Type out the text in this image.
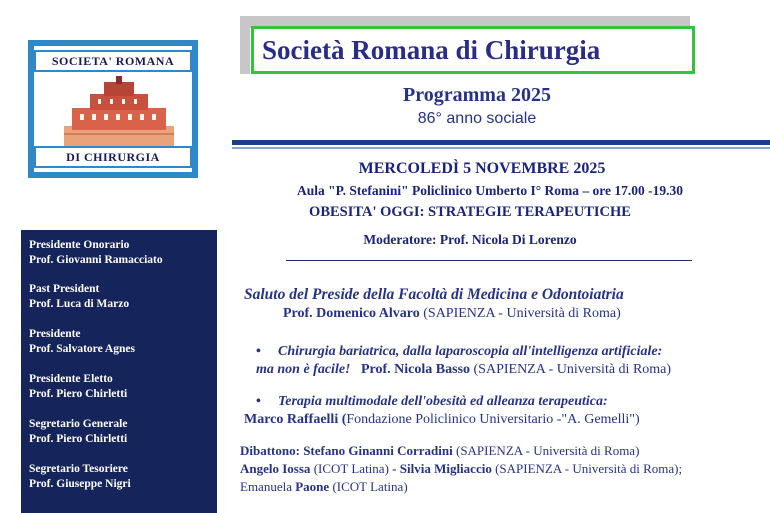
SOCIETA' ROMANA
DI CHIRURGIA
Presidente Onorario
Prof. Giovanni Ramacciato
Past President
Prof. Luca di Marzo
Presidente
Prof. Salvatore Agnes
Presidente Eletto
Prof. Piero Chirletti
Segretario Generale
Prof. Piero Chirletti
Segretario Tesoriere
Prof. Giuseppe Nigri
Società Romana di Chirurgia
Programma 2025
86° anno sociale
MERCOLEDÌ 5 NOVEMBRE 2025
Aula "P. Stefanini" Policlinico Umberto I° Roma – ore 17.00 -19.30
OBESITA' OGGI: STRATEGIE TERAPEUTICHE
Moderatore: Prof. Nicola Di Lorenzo
Saluto del Preside della Facoltà di Medicina e Odontoiatria
Prof. Domenico Alvaro (SAPIENZA - Università di Roma)
• Chirurgia bariatrica, dalla laparoscopia all'intelligenza artificiale:
ma non è facile!   Prof. Nicola Basso (SAPIENZA - Università di Roma)
• Terapia multimodale dell'obesità ed alleanza terapeutica:
Marco Raffaelli (Fondazione Policlinico Universitario -"A. Gemelli")
Dibattono: Stefano Ginanni Corradini (SAPIENZA - Università di Roma)
Angelo Iossa (ICOT Latina) - Silvia Migliaccio (SAPIENZA - Università di Roma);
Emanuela Paone (ICOT Latina)
